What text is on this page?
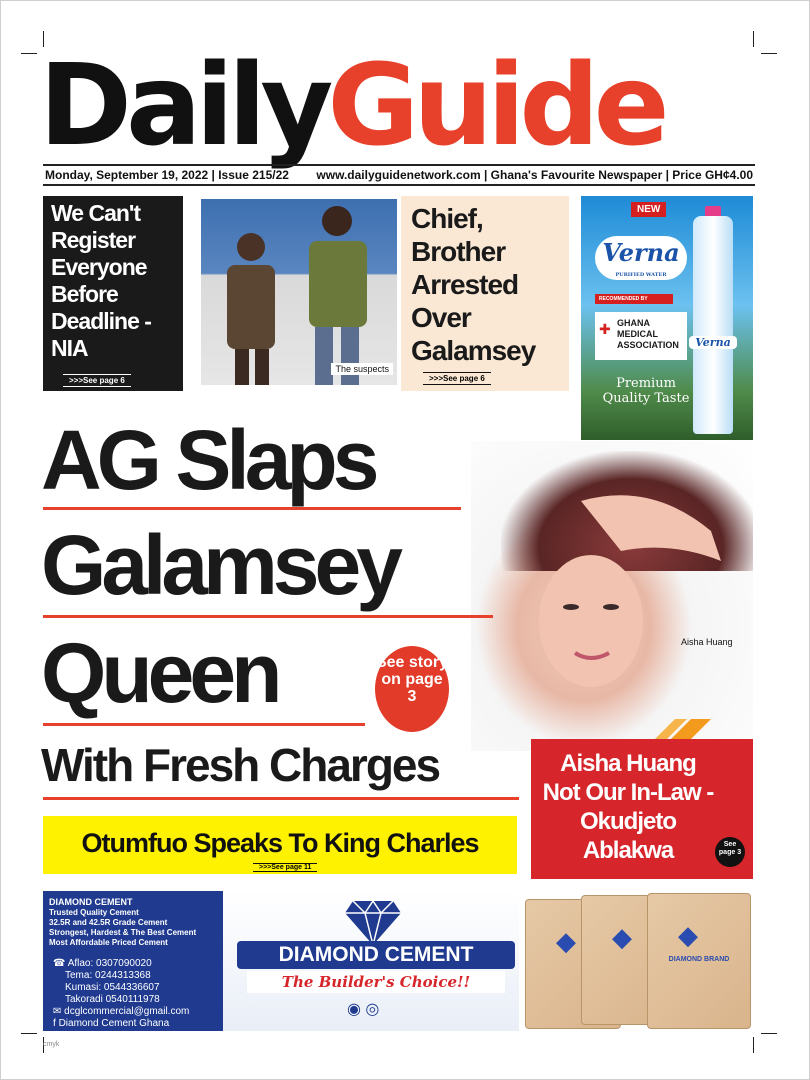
DailyGuide
Monday, September 19, 2022 | Issue 215/22 www.dailyguidenetwork.com | Ghana's Favourite Newspaper | Price GH¢4.00
We Can't Register Everyone Before Deadline - NIA
>>>See page 6
The suspects
Chief, Brother Arrested Over Galamsey
>>>See page 6
NEW
Verna
PURIFIED WATER
RECOMMENDED BY
✚ GHANA MEDICAL ASSOCIATION	Verna
Premium Quality Taste
Aisha Huang
AG Slaps
Galamsey
Queen
With Fresh Charges
See story on page 3
Aisha Huang Not Our In-Law - Okudjeto Ablakwa	See page 3
Otumfuo Speaks To King Charles
>>>See page 11
DIAMOND CEMENT
Trusted Quality Cement
32.5R and 42.5R Grade Cement
Strongest, Hardest & The Best Cement
Most Affordable Priced Cement
☎ Aflao: 0307090020
Tema: 0244313368
Kumasi: 0544336607
Takoradi 0540111978
✉ dcglcommercial@gmail.com
f Diamond Cement Ghana
DIAMOND CEMENT
The Builder's Choice!!
◉ ◎
◆ ◆ ◆
DIAMOND BRAND
cmyk
